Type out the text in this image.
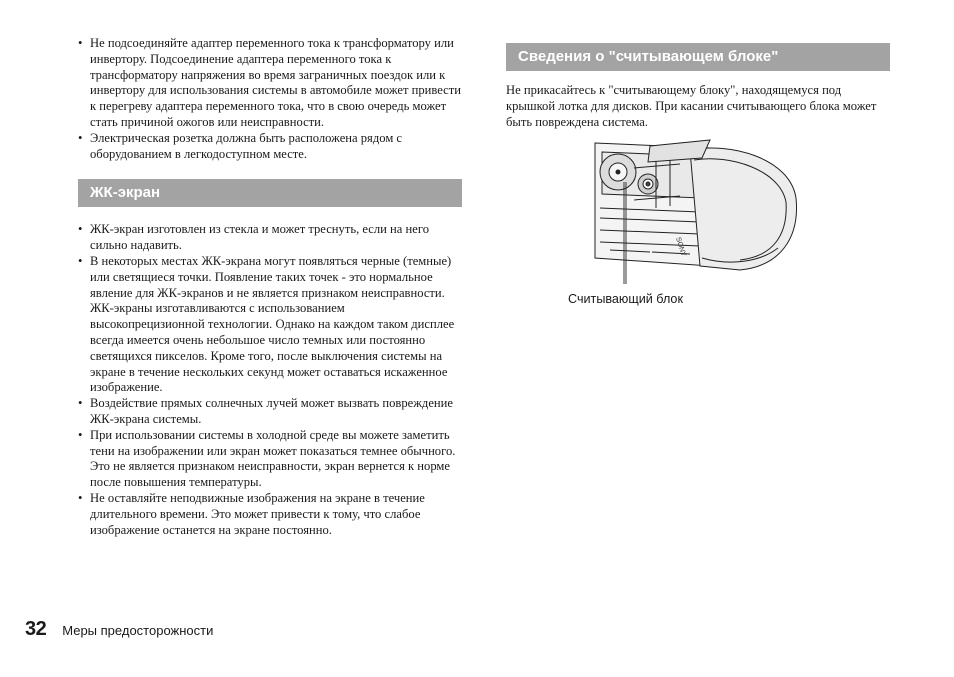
• Не подсоединяйте адаптер переменного тока к трансформатору или инвертору. Подсоединение адаптера переменного тока к трансформатору напряжения во время заграничных поездок или к инвертору для использования системы в автомобиле может привести к перегреву адаптера переменного тока, что в свою очередь может стать причиной ожогов или неисправности.
• Электрическая розетка должна быть расположена рядом с оборудованием в легкодоступном месте.
ЖК-экран
• ЖК-экран изготовлен из стекла и может треснуть, если на него сильно надавить.
• В некоторых местах ЖК-экрана могут появляться черные (темные) или светящиеся точки. Появление таких точек - это нормальное явление для ЖК-экранов и не является признаком неисправности. ЖК-экраны изготавливаются с использованием высокопрецизионной технологии. Однако на каждом таком дисплее всегда имеется очень небольшое число темных или постоянно светящихся пикселов. Кроме того, после выключения системы на экране в течение нескольких секунд может оставаться искаженное изображение.
• Воздействие прямых солнечных лучей может вызвать повреждение ЖК-экрана системы.
• При использовании системы в холодной среде вы можете заметить тени на изображении или экран может показаться темнее обычного. Это не является признаком неисправности, экран вернется к норме после повышения температуры.
• Не оставляйте неподвижные изображения на экране в течение длительного времени. Это может привести к тому, что слабое изображение останется на экране постоянно.
Сведения о "считывающем блоке"

Не прикасайтесь к "считывающему блоку", находящемуся под крышкой лотка для дисков. При касании считывающего блока может быть повреждена система.

SONY
Считывающий блок
32 Меры предосторожности
